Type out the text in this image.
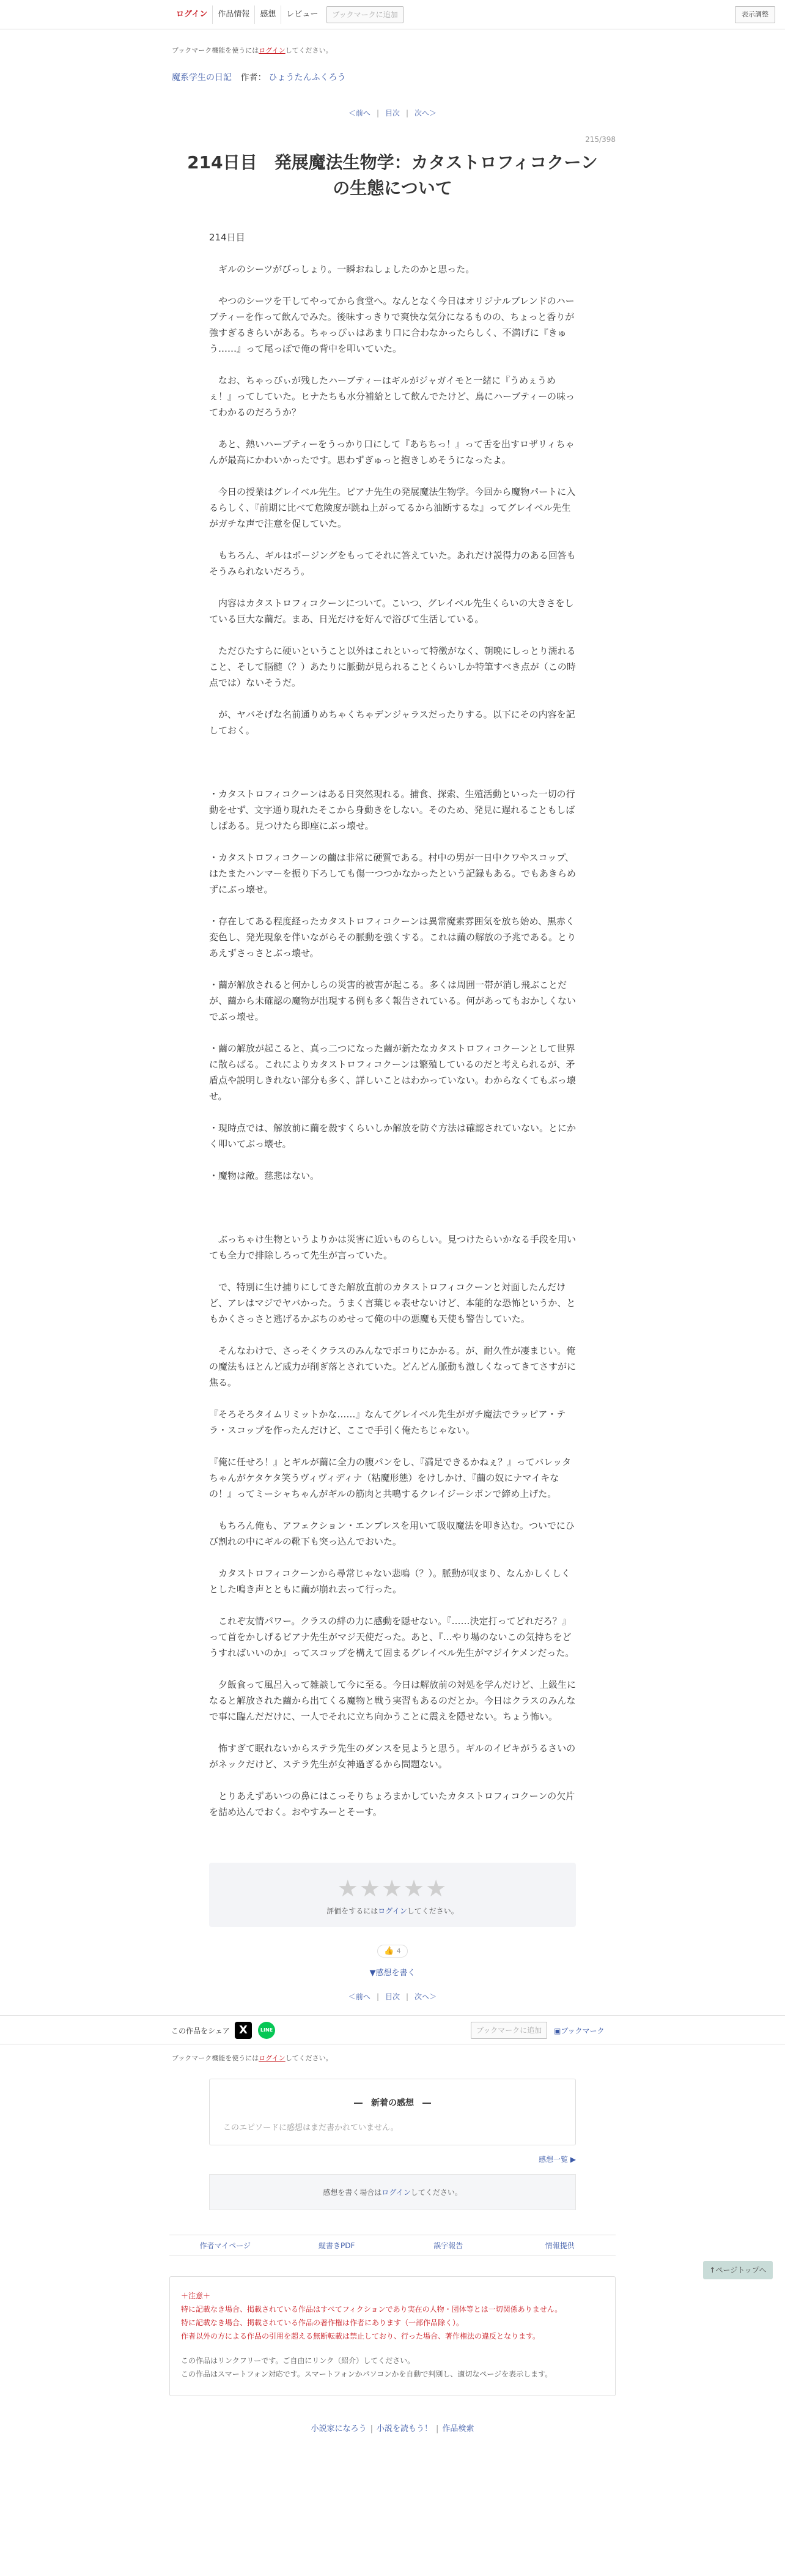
ログイン	作品情報	感想	レビュー	ブックマークに追加	表示調整

ブックマーク機能を使うにはログインしてください。

魔系学生の日記 作者： ひょうたんふくろう
＜前へ | 目次 | 次へ＞
215/398
214日目　発展魔法生物学：カタストロフィコクーンの生態について

214日目

　ギルのシーツがびっしょり。一瞬おねしょしたのかと思った。

　やつのシーツを干してやってから食堂へ。なんとなく今日はオリジナルブレンドのハーブティーを作って飲んでみた。後味すっきりで爽快な気分になるものの、ちょっと香りが強すぎるきらいがある。ちゃっぴぃはあまり口に合わなかったらしく、不満げに『きゅう……』って尾っぽで俺の背中を叩いていた。

　なお、ちゃっぴぃが残したハーブティーはギルがジャガイモと一緒に『うめぇうめぇ！』ってしていた。ヒナたちも水分補給として飲んでたけど、鳥にハーブティーの味ってわかるのだろうか？

　あと、熱いハーブティーをうっかり口にして『あちちっ！』って舌を出すロザリィちゃんが最高にかわいかったです。思わずぎゅっと抱きしめそうになったよ。

　今日の授業はグレイベル先生。ピアナ先生の発展魔法生物学。今回から魔物パートに入るらしく、『前期に比べて危険度が跳ね上がってるから油断するな』ってグレイベル先生がガチな声で注意を促していた。

　もちろん、ギルはポージングをもってそれに答えていた。あれだけ説得力のある回答もそうみられないだろう。

　内容はカタストロフィコクーンについて。こいつ、グレイベル先生くらいの大きさをしている巨大な繭だ。まあ、日光だけを好んで浴びて生活している。

　ただひたすらに硬いということ以外はこれといって特徴がなく、朝晩にしっとり濡れること、そして脳髄（？）あたりに脈動が見られることくらいしか特筆すべき点が（この時点では）ないそうだ。

　が、ヤバそげな名前通りめちゃくちゃデンジャラスだったりする。以下にその内容を記しておく。

・カタストロフィコクーンはある日突然現れる。捕食、探索、生殖活動といった一切の行動をせず、文字通り現れたそこから身動きをしない。そのため、発見に遅れることもしばしばある。見つけたら即座にぶっ壊せ。

・カタストロフィコクーンの繭は非常に硬質である。村中の男が一日中クワやスコップ、はたまたハンマーを振り下ろしても傷一つつかなかったという記録もある。でもあきらめずにぶっ壊せ。

・存在してある程度経ったカタストロフィコクーンは異常魔素雰囲気を放ち始め、黒赤く変色し、発光現象を伴いながらその脈動を強くする。これは繭の解放の予兆である。とりあえずさっさとぶっ壊せ。

・繭が解放されると何かしらの災害的被害が起こる。多くは周囲一帯が消し飛ぶことだが、繭から未確認の魔物が出現する例も多く報告されている。何があってもおかしくないでぶっ壊せ。

・繭の解放が起こると、真っ二つになった繭が新たなカタストロフィコクーンとして世界に散らばる。これによりカタストロフィコクーンは繁殖しているのだと考えられるが、矛盾点や説明しきれない部分も多く、詳しいことはわかっていない。わからなくてもぶっ壊せ。

・現時点では、解放前に繭を殺すくらいしか解放を防ぐ方法は確認されていない。とにかく叩いてぶっ壊せ。

・魔物は敵。慈悲はない。

　ぶっちゃけ生物というよりかは災害に近いものらしい。見つけたらいかなる手段を用いても全力で排除しろって先生が言っていた。

　で、特別に生け捕りにしてきた解放直前のカタストロフィコクーンと対面したんだけど、アレはマジでヤバかった。うまく言葉じゃ表せないけど、本能的な恐怖というか、ともかくさっさと逃げるかぶちのめせって俺の中の悪魔も天使も警告していた。

　そんなわけで、さっそくクラスのみんなでボコりにかかる。が、耐久性が凄まじい。俺の魔法もほとんど威力が削ぎ落とされていた。どんどん脈動も激しくなってきてさすがに焦る。

『そろそろタイムリミットかな……』なんてグレイベル先生がガチ魔法でラッピア・テラ・スコップを作ったんだけど、ここで手引く俺たちじゃない。

『俺に任せろ！』とギルが繭に全力の腹パンをし、『満足できるかねぇ？』ってバレッタちゃんがケタケタ笑うヴィヴィディナ（粘魔形態）をけしかけ、『繭の奴にナマイキなの！』ってミーシャちゃんがギルの筋肉と共鳴するクレイジーシボンで締め上げた。

　もちろん俺も、アフェクション・エンブレスを用いて吸収魔法を叩き込む。ついでにひび割れの中にギルの靴下も突っ込んでおいた。

　カタストロフィコクーンから尋常じゃない悲鳴（？）。脈動が収まり、なんかしくしくとした鳴き声とともに繭が崩れ去って行った。

　これぞ友情パワー。クラスの絆の力に感動を隠せない。『……決定打ってどれだろ？』って首をかしげるピアナ先生がマジ天使だった。あと、『…やり場のないこの気持ちをどうすればいいのか』ってスコップを構えて固まるグレイベル先生がマジイケメンだった。

　夕飯食って風呂入って雑談して今に至る。今日は解放前の対処を学んだけど、上級生になると解放された繭から出てくる魔物と戦う実習もあるのだとか。今日はクラスのみんなで事に臨んだだけに、一人でそれに立ち向かうことに震えを隠せない。ちょう怖い。

　怖すぎて眠れないからステラ先生のダンスを見ようと思う。ギルのイビキがうるさいのがネックだけど、ステラ先生が女神過ぎるから問題ない。

　とりあえずあいつの鼻にはこっそりちょろまかしていたカタストロフィコクーンの欠片を詰め込んでおく。おやすみーとそーす。

★★★★★

評価をするにはログインしてください。

👍 4
▼感想を書く
＜前へ | 目次 | 次へ＞
この作品をシェア X	LINE	ブックマークに追加	▣ブックマーク

ブックマーク機能を使うにはログインしてください。

―　新着の感想　―

このエピソードに感想はまだ書かれていません。

感想一覧 ▶
感想を書く場合はログインしてください。
↑ページトップへ
作者マイページ	縦書きPDF	誤字報告	情報提供

＋注意＋

特に記載なき場合、掲載されている作品はすべてフィクションであり実在の人物・団体等とは一切関係ありません。

特に記載なき場合、掲載されている作品の著作権は作者にあります（一部作品除く）。

作者以外の方による作品の引用を超える無断転載は禁止しており、行った場合、著作権法の違反となります。

この作品はリンクフリーです。ご自由にリンク（紹介）してください。

この作品はスマートフォン対応です。スマートフォンかパソコンかを自動で判別し、適切なページを表示します。

小説家になろう | 小説を読もう！ | 作品検索
